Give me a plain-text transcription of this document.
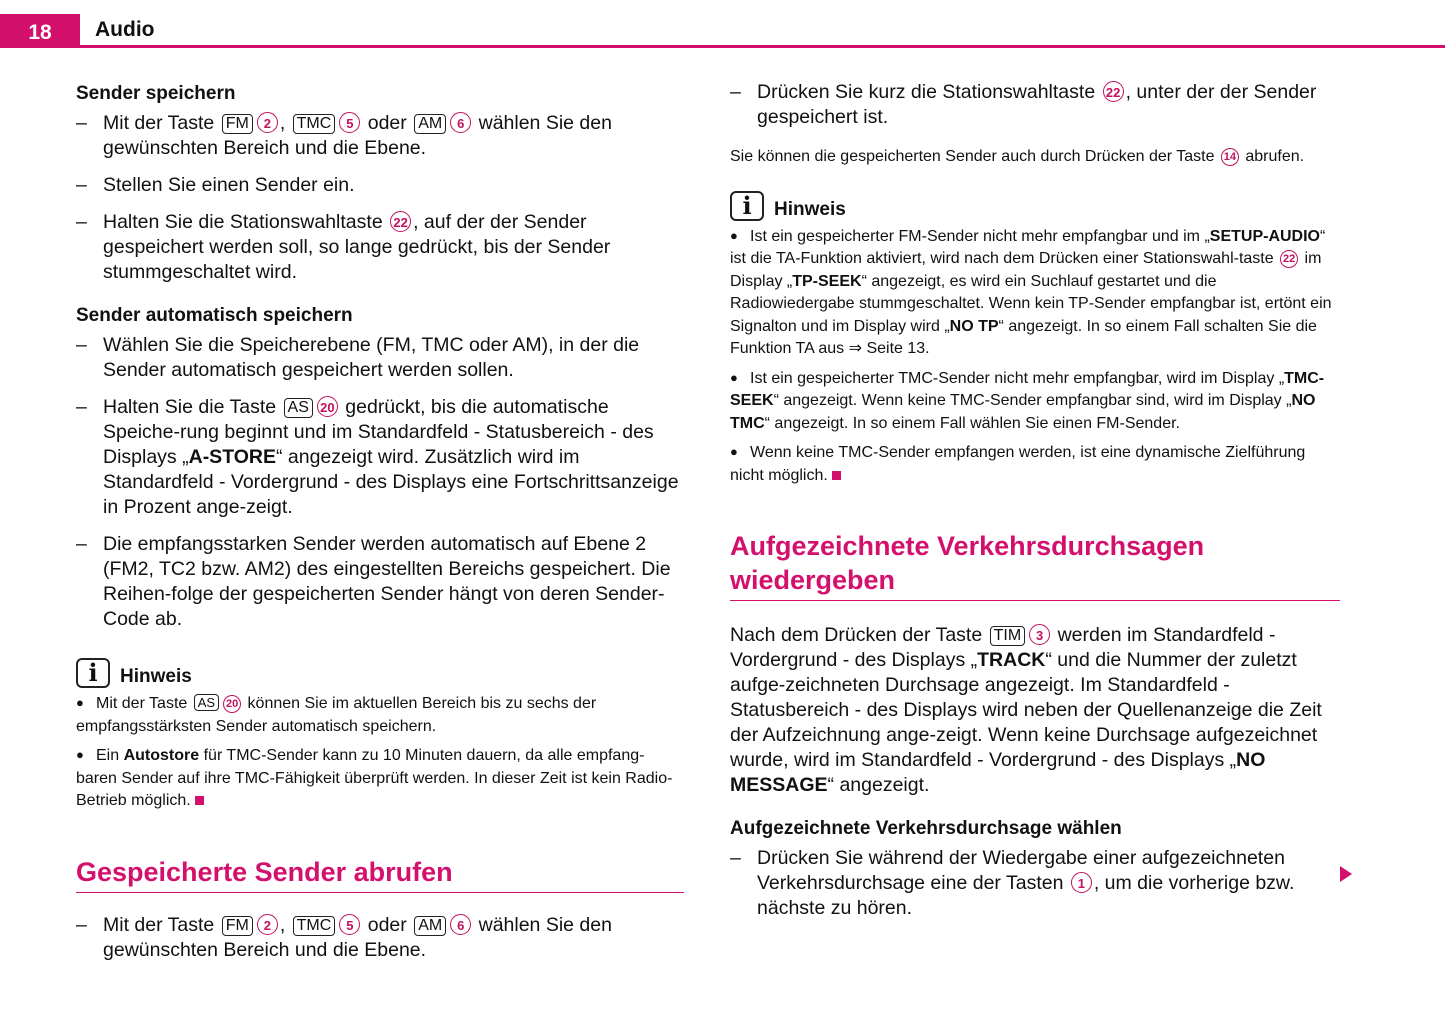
18	Audio

Sender speichern

– Mit der Taste FM 2 , TMC 5 oder AM 6 wählen Sie den gewünschten Bereich und die Ebene.

– Stellen Sie einen Sender ein.

– Halten Sie die Stationswahltaste 22 , auf der der Sender gespeichert werden soll, so lange gedrückt, bis der Sender stummgeschaltet wird.

Sender automatisch speichern

– Wählen Sie die Speicherebene (FM, TMC oder AM), in der die Sender automatisch gespeichert werden sollen.

– Halten Sie die Taste AS 20 gedrückt, bis die automatische Speiche-rung beginnt und im Standardfeld - Statusbereich - des Displays „A-STORE“ angezeigt wird. Zusätzlich wird im Standardfeld - Vordergrund - des Displays eine Fortschrittsanzeige in Prozent ange-zeigt.

– Die empfangsstarken Sender werden automatisch auf Ebene 2 (FM2, TC2 bzw. AM2) des eingestellten Bereichs gespeichert. Die Reihen-folge der gespeicherten Sender hängt von deren Sender-Code ab.

i	Hinweis

● Mit der Taste AS 20 können Sie im aktuellen Bereich bis zu sechs der empfangsstärksten Sender automatisch speichern.

● Ein Autostore für TMC-Sender kann zu 10 Minuten dauern, da alle empfang-baren Sender auf ihre TMC-Fähigkeit überprüft werden. In dieser Zeit ist kein Radio-Betrieb möglich.

Gespeicherte Sender abrufen

– Mit der Taste FM 2 , TMC 5 oder AM 6 wählen Sie den gewünschten Bereich und die Ebene.

– Drücken Sie kurz die Stationswahltaste 22 , unter der der Sender gespeichert ist.

Sie können die gespeicherten Sender auch durch Drücken der Taste 14 abrufen.

i	Hinweis

● Ist ein gespeicherter FM-Sender nicht mehr empfangbar und im „SETUP-AUDIO“ ist die TA-Funktion aktiviert, wird nach dem Drücken einer Stationswahl-taste 22 im Display „TP-SEEK“ angezeigt, es wird ein Suchlauf gestartet und die Radiowiedergabe stummgeschaltet. Wenn kein TP-Sender empfangbar ist, ertönt ein Signalton und im Display wird „NO TP“ angezeigt. In so einem Fall schalten Sie die Funktion TA aus ⇒ Seite 13.

● Ist ein gespeicherter TMC-Sender nicht mehr empfangbar, wird im Display „TMC-SEEK“ angezeigt. Wenn keine TMC-Sender empfangbar sind, wird im Display „NO TMC“ angezeigt. In so einem Fall wählen Sie einen FM-Sender.

● Wenn keine TMC-Sender empfangen werden, ist eine dynamische Zielführung nicht möglich.

Aufgezeichnete Verkehrsdurchsagen wiedergeben

Nach dem Drücken der Taste TIM 3 werden im Standardfeld - Vordergrund - des Displays „TRACK“ und die Nummer der zuletzt aufge-zeichneten Durchsage angezeigt. Im Standardfeld - Statusbereich - des Displays wird neben der Quellenanzeige die Zeit der Aufzeichnung ange-zeigt. Wenn keine Durchsage aufgezeichnet wurde, wird im Standardfeld - Vordergrund - des Displays „NO MESSAGE“ angezeigt.

Aufgezeichnete Verkehrsdurchsage wählen

– Drücken Sie während der Wiedergabe einer aufgezeichneten Verkehrsdurchsage eine der Tasten 1 , um die vorherige bzw. nächste zu hören.
